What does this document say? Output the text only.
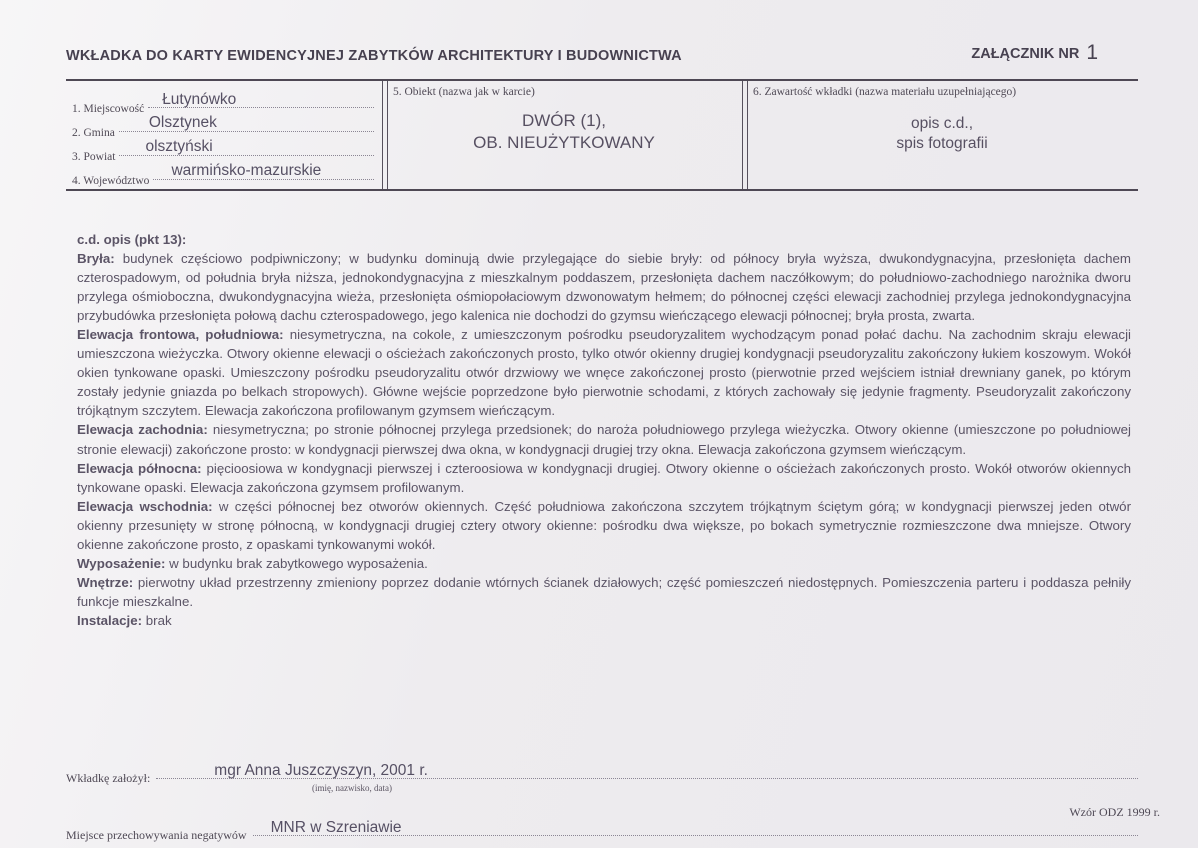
WKŁADKA DO KARTY EWIDENCYJNEJ ZABYTKÓW ARCHITEKTURY I BUDOWNICTWA	ZAŁĄCZNIK NR 1
1. Miejscowość
Łutynówko
2. Gmina
Olsztynek
3. Powiat
olsztyński
4. Województwo
warmińsko-mazurskie
5. Obiekt (nazwa jak w karcie)
DWÓR (1),
OB. NIEUŻYTKOWANY
6. Zawartość wkładki (nazwa materiału uzupełniającego)
opis c.d.,
spis fotografii

c.d. opis (pkt 13):

Bryła: budynek częściowo podpiwniczony; w budynku dominują dwie przylegające do siebie bryły: od północy bryła wyższa, dwukondygnacyjna, przesłonięta dachem czterospadowym, od południa bryła niższa, jednokondygnacyjna z mieszkalnym poddaszem, przesłonięta dachem naczółkowym; do południowo-zachodniego narożnika dworu przylega ośmioboczna, dwukondygnacyjna wieża, przesłonięta ośmiopołaciowym dzwonowatym hełmem; do północnej części elewacji zachodniej przylega jednokondygnacyjna przybudówka przesłonięta połową dachu czterospadowego, jego kalenica nie dochodzi do gzymsu wieńczącego elewacji północnej; bryła prosta, zwarta.

Elewacja frontowa, południowa: niesymetryczna, na cokole, z umieszczonym pośrodku pseudoryzalitem wychodzącym ponad połać dachu. Na zachodnim skraju elewacji umieszczona wieżyczka. Otwory okienne elewacji o ościeżach zakończonych prosto, tylko otwór okienny drugiej kondygnacji pseudoryzalitu zakończony łukiem koszowym. Wokół okien tynkowane opaski. Umieszczony pośrodku pseudoryzalitu otwór drzwiowy we wnęce zakończonej prosto (pierwotnie przed wejściem istniał drewniany ganek, po którym zostały jedynie gniazda po belkach stropowych). Główne wejście poprzedzone było pierwotnie schodami, z których zachowały się jedynie fragmenty. Pseudoryzalit zakończony trójkątnym szczytem. Elewacja zakończona profilowanym gzymsem wieńczącym.

Elewacja zachodnia: niesymetryczna; po stronie północnej przylega przedsionek; do naroża południowego przylega wieżyczka. Otwory okienne (umieszczone po południowej stronie elewacji) zakończone prosto: w kondygnacji pierwszej dwa okna, w kondygnacji drugiej trzy okna. Elewacja zakończona gzymsem wieńczącym.

Elewacja północna: pięcioosiowa w kondygnacji pierwszej i czteroosiowa w kondygnacji drugiej. Otwory okienne o ościeżach zakończonych prosto. Wokół otworów okiennych tynkowane opaski. Elewacja zakończona gzymsem profilowanym.

Elewacja wschodnia: w części północnej bez otworów okiennych. Część południowa zakończona szczytem trójkątnym ściętym górą; w kondygnacji pierwszej jeden otwór okienny przesunięty w stronę północną, w kondygnacji drugiej cztery otwory okienne: pośrodku dwa większe, po bokach symetrycznie rozmieszczone dwa mniejsze. Otwory okienne zakończone prosto, z opaskami tynkowanymi wokół.

Wyposażenie: w budynku brak zabytkowego wyposażenia.

Wnętrze: pierwotny układ przestrzenny zmieniony poprzez dodanie wtórnych ścianek działowych; część pomieszczeń niedostępnych. Pomieszczenia parteru i poddasza pełniły funkcje mieszkalne.

Instalacje: brak

Wkładkę założył:	mgr Anna Juszczyszyn, 2001 r.
(imię, nazwisko, data)
Miejsce przechowywania negatywów MNR w Szreniawie
Wzór ODZ 1999 r.
